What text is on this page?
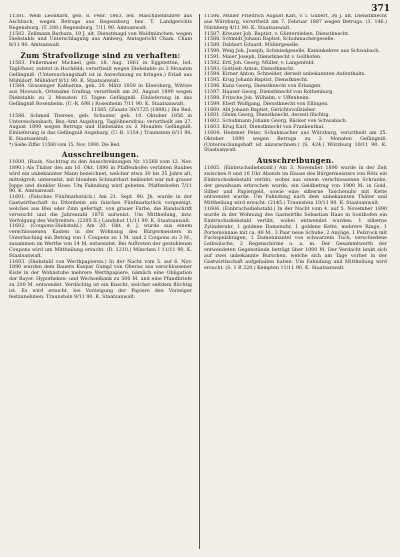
371

11581. Weiß Leonhard, geb. 8. Febr. 1863, led. Maschinenführer aus Aschbach, wegen Betrugs aus Regensburg bez. T. Landgerichts Regensburg. (T. 289.) Regensburg. 7/11 90. Amtsanwalt.

11582. Zellmann Barbara, 19 J. alt, Dienstmagd von Waldmünchen, wegen Diebstahls und Unterschlagung aus Amberg. Amtsgericht Cham. Cham 8/11 90. Amtsanwalt.

Zum Strafvollzuge sind zu verhaften:

11583. Fellermaier Michael, geb. 18. Aug. 1861 in Eggstetten, led. Taglöhner, zuletzt in Hochfeld; verurtheilt wegen Diebstahls zu 3 Monaten Gefängniß. (Untersuchungshaft ist in Anrechnung zu bringen.) Erlaß aus Mühldorf. Mühldorf 8/11 90. K. Staatsanwalt.

11584. Grassinger Katharina, geb. 20. März 1850 in Ebersberg, Wittwe aus Moosach, Ortsname Grafing; verurtheilt am 20. August 1890 wegen Diebstahls zu 2 Monaten 15 Tagen Gefängniß. Einlieferung in das Gefängniß Rosenheim. (U.-R. 698.) Rosenheim 7/11 90. K. Staatsanwalt.

11585. (Zusatz 30/1725 (1888).) Die Red.

11586. Schmeil Therese, geb. Schuster, geb. 10. Oktober 1856 in Untereschenbach, Bez.-Amt Augsburg, Taglöhnersfrau; verurtheilt am 27. August 1890 wegen Betrugs und Diebstahls zu 2 Monaten Gefängniß. Einlieferung in das Gefängniß Augsburg. (U.-R. 1154.) Traunstein 6/11 90. K. Staatsanwalt.

*) Siehe Ziffer 11580 vom 15. Nov. 1890. Die Red.

Ausschreibungen.

11600. (Raub, Nachtrag zu den Ausschreibungen Nr. 11568 vom 12. Nov. 1890.) Als Thäter des am 10. Okt. 1890 in Pfaffenhofen verübten Raubes wird ein unbekannter Mann bezeichnet, welcher etwa 30 bis 35 Jahre alt, mittelgroß, untersetzt, mit blondem Schnurrbart bekleidet war mit grauer Joppe und dunkler Hose. Um Fahndung wird gebeten. Pfaffenhofen 7/11 90. K. Amtsanwalt.

11601. (Falsches Fünfmarkstück.) Am 21. Sept. 90. Jh. wurde in der Gastwirthschaft zu Ettenheim ein falsches Fünfmarkstück vorgezeigt, welches aus Blei oder Zinn gefertigt, von grauer Farbe, die Randschrift verwischt und die Jahreszahl 1876 aufweist. Um Mittheilung, bzw. Verfolgung des Verbreiters. (2295 II.) Landshut 11/11 90. K. Staatsanwalt.

11602. (Coupons-Diebstahl.) Am 20. Okt. d. J. wurde aus einem verschlossenen Kasten in der Wohnung des Bürgermeisters in Unterhaching ein Betrag von 1 Coupons zu 1 M. und 2 Coupons zu 3 M., zusammen im Werthe von 14 M. entwendet. Bei Auftreten der gestohlenen Coupons wird um Mittheilung ersucht. (D. 1210.) München I 11/11 90. K. Staatsanwalt.

11603. (Diebstahl von Werthpapieren.) In der Nacht vom 5. auf 6. Nov. 1890 wurden dem Bauern Kaspar Gumpl von Oberau aus verschlossener Kiste in der Wohnstube mehrere Werthpapiere, nämlich eine Obligation der Bayer. Hypotheken- und Wechselbank zu 500 M. und eine Pfandbriefe zu 200 M. entwendet. Verdächtig ist ein Knecht, welcher seitdem flüchtig ist. Es wird ersucht, bei Vorzeigung der Papiere den Vorzeiger festzunehmen. Traunstein 9/11 90. K. Staatsanwalt.

11586. Müller Friedrich August Karl, v. l. Gilbert, 36 J. alt, Dienstknecht aus Würzburg, verurtheilt am 7. Februar 1887 wegen Betrugs. (3. 146.) Nürnberg 4/11 90. K. Staatsanwalt.

11587. Kreuzer Joh. Baptist, v. Güntersleben, Dienstknecht.

11588. Schmidt Johann Baptist, Schuhmachergeselle.

11589. Dabbert Eduard, Müllergeselle.

11590. Weig Joh. Joseph, Schmiedgeselle, Kaminkehrer aus Schwabach.

11591. Maier Joseph, Dienstknecht v. Gollhofen.

11592. Ertl Joh. Georg, Müller, v. Langenfeld.

11593. Gottlieb Anton, Dienstknecht.

11594. Kirner Anton, Schneider, derzeit unbekannten Aufenthalts.

11595. Krug Johann Baptist, Dienstknecht.

11596. Kunz Georg, Dienstknecht von Erlangen.

11597. Hauser Georg, Dienstknecht von Rothenburg.

11598. Fritsche Joh. Wilhelm, v. Uffenheim.

11599. Eberl Wolfgang, Dienstknecht von Ellingen.

11600. Abl Johann Baptist, Gerichtsvollzieher.

11601. Gleim Georg, Dienstknecht, derzeit flüchtig.

11602. Schuhmann Johann Georg, Bäcker von Schwabach.

11603. Krug Karl, Dienstknecht von Frankenthal.

11604. Hemmer Peter, Schuhmacher aus Würzburg, verurtheilt am 25. Oktober 1890 wegen Betrugs zu 2 Monaten Gefängniß. (Untersuchungshaft ist anzurechnen.) (S. 424.) Würzburg 10/11 90. K. Staatsanwalt.

Ausschreibungen.

11605. (Einbruchsdiebstahl.) Am 3. November 1890 wurde in der Zeit zwischen 8 und 10 Uhr Abends im Hause des Bürgermeisters von Rötz ein Einbruchsdiebstahl verübt, wobei aus einem verschlossenen Schranke, der gewaltsam erbrochen wurde, ein Geldbetrag von 1900 M. in Gold, Silber und Papiergeld, sowie eine silberne Taschenuhr mit Kette entwendet wurde. Um Fahndung nach dem unbekannten Thäter und Mittheilung wird ersucht. (2145.) Traunstein 10/11 90. K. Staatsanwalt.

11606. (Einbruchsdiebstahl.) In der Nacht vom 4. auf 5. November 1890 wurde in der Wohnung des Gastwirths Sebastian Haas in Sonthofen ein Einbruchsdiebstahl verübt, wobei entwendet wurden: 1 silberne Zylinderuhr, 1 goldene Damenuhr, 1 goldene Kette, mehrere Ringe, 1 Portemonnaie mit ca. 40 M., 3 Paar neue Schuhe, 2 Anzüge, 1 Pelzrock mit Fuchspelzkragen, 1 Damenmantel von schwarzem Tuch, verschiedene Leibwäsche, 2 Regenschirme u. a. m. Der Gesammtwerth der entwendeten Gegenstände beträgt über 1000 M. Der Verdacht lenkt sich auf zwei unbekannte Burschen, welche sich am Tage vorher in der Gastwirthschaft aufgehalten haben. Um Fahndung und Mittheilung wird ersucht. (S. 1 B 220.) Kempten 11/11 90. K. Staatsanwalt.
